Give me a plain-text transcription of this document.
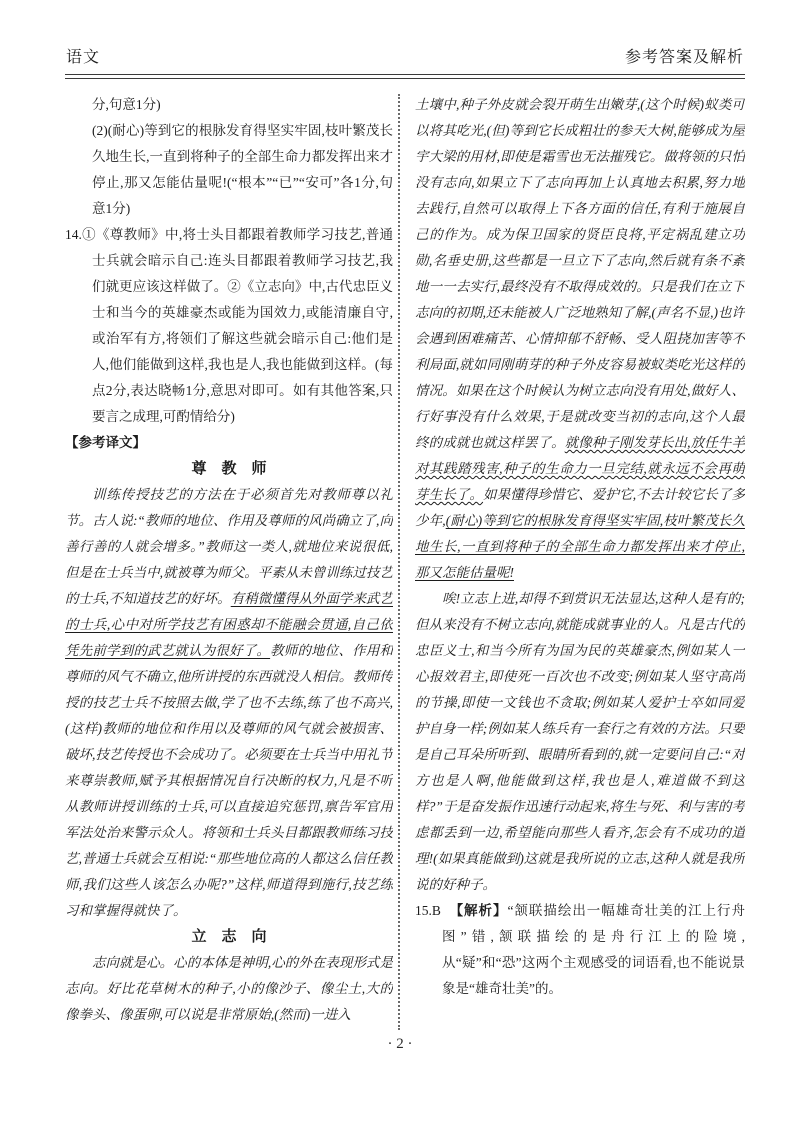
语文	参考答案及解析
分,句意1分)
(2)(耐心)等到它的根脉发育得坚实牢固,枝叶繁茂长久地生长,一直到将种子的全部生命力都发挥出来才停止,那又怎能估量呢!(“根本”“已”“安可”各1分,句意1分)
14.①《尊教师》中,将士头目都跟着教师学习技艺,普通士兵就会暗示自己:连头目都跟着教师学习技艺,我们就更应该这样做了。②《立志向》中,古代忠臣义士和当今的英雄豪杰或能为国效力,或能清廉自守,或治军有方,将领们了解这些就会暗示自己:他们是人,他们能做到这样,我也是人,我也能做到这样。(每点2分,表达晓畅1分,意思对即可。如有其他答案,只要言之成理,可酌情给分)
【参考译文】
尊　教　师
训练传授技艺的方法在于必须首先对教师尊以礼节。古人说:“教师的地位、作用及尊师的风尚确立了,向善行善的人就会增多。”教师这一类人,就地位来说很低,但是在士兵当中,就被尊为师父。平素从未曾训练过技艺的士兵,不知道技艺的好坏。有稍微懂得从外面学来武艺的士兵,心中对所学技艺有困惑却不能融会贯通,自己依凭先前学到的武艺就认为很好了。教师的地位、作用和尊师的风气不确立,他所讲授的东西就没人相信。教师传授的技艺士兵不按照去做,学了也不去练,练了也不高兴,(这样)教师的地位和作用以及尊师的风气就会被损害、破坏,技艺传授也不会成功了。必须要在士兵当中用礼节来尊崇教师,赋予其根据情况自行决断的权力,凡是不听从教师讲授训练的士兵,可以直接追究惩罚,禀告军官用军法处治来警示众人。将领和士兵头目都跟教师练习技艺,普通士兵就会互相说:“那些地位高的人都这么信任教师,我们这些人该怎么办呢?”这样,师道得到施行,技艺练习和掌握得就快了。
立　志　向
志向就是心。心的本体是神明,心的外在表现形式是志向。好比花草树木的种子,小的像沙子、像尘土,大的像拳头、像蛋卵,可以说是非常原始,(然而)一进入
土壤中,种子外皮就会裂开萌生出嫩芽,(这个时候)蚁类可以将其吃光,(但)等到它长成粗壮的参天大树,能够成为屋宇大梁的用材,即使是霜雪也无法摧残它。做将领的只怕没有志向,如果立下了志向再加上认真地去积累,努力地去践行,自然可以取得上下各方面的信任,有利于施展自己的作为。成为保卫国家的贤臣良将,平定祸乱建立功勋,名垂史册,这些都是一旦立下了志向,然后就有条不紊地一一去实行,最终没有不取得成效的。只是我们在立下志向的初期,还未能被人广泛地熟知了解,(声名不显,)也许会遇到困难痛苦、心情抑郁不舒畅、受人阻挠加害等不利局面,就如同刚萌芽的种子外皮容易被蚁类吃光这样的情况。如果在这个时候认为树立志向没有用处,做好人、行好事没有什么效果,于是就改变当初的志向,这个人最终的成就也就这样罢了。就像种子刚发芽长出,放任牛羊对其践踏残害,种子的生命力一旦完结,就永远不会再萌芽生长了。如果懂得珍惜它、爱护它,不去计较它长了多少年,(耐心)等到它的根脉发育得坚实牢固,枝叶繁茂长久地生长,一直到将种子的全部生命力都发挥出来才停止,那又怎能估量呢!
唉!立志上进,却得不到赏识无法显达,这种人是有的;但从来没有不树立志向,就能成就事业的人。凡是古代的忠臣义士,和当今所有为国为民的英雄豪杰,例如某人一心报效君主,即使死一百次也不改变;例如某人坚守高尚的节操,即使一文钱也不贪取;例如某人爱护士卒如同爱护自身一样;例如某人练兵有一套行之有效的方法。只要是自己耳朵所听到、眼睛所看到的,就一定要问自己:“对方也是人啊,他能做到这样,我也是人,难道做不到这样?”于是奋发振作迅速行动起来,将生与死、利与害的考虑都丢到一边,希望能向那些人看齐,怎会有不成功的道理!(如果真能做到)这就是我所说的立志,这种人就是我所说的好种子。
15.B　【解析】“颔联描绘出一幅雄奇壮美的江上行舟图”错,颔联描绘的是舟行江上的险境,从“疑”和“恐”这两个主观感受的词语看,也不能说景象是“雄奇壮美”的。
· 2 ·
